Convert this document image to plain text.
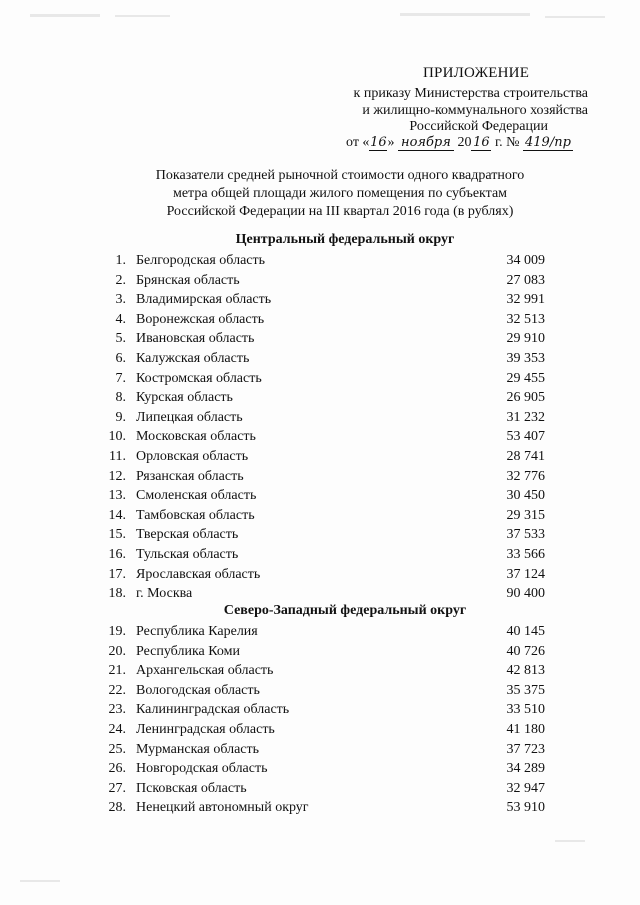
ПРИЛОЖЕНИЕ
к приказу Министерства строительства
и жилищно-коммунального хозяйства
Российской Федерации
от «16» ноября 20 16 г. № 419/пр
Показатели средней рыночной стоимости одного квадратного
метра общей площади жилого помещения по субъектам
Российской Федерации на III квартал 2016 года (в рублях)
Центральный федеральный округ
1. Белгородская область	34 009
2. Брянская область	27 083
3. Владимирская область	32 991
4. Воронежская область	32 513
5. Ивановская область	29 910
6. Калужская область	39 353
7. Костромская область	29 455
8. Курская область	26 905
9. Липецкая область	31 232
10. Московская область	53 407
11. Орловская область	28 741
12. Рязанская область	32 776
13. Смоленская область	30 450
14. Тамбовская область	29 315
15. Тверская область	37 533
16. Тульская область	33 566
17. Ярославская область	37 124
18. г. Москва	90 400
Северо-Западный федеральный округ
19. Республика Карелия	40 145
20. Республика Коми	40 726
21. Архангельская область	42 813
22. Вологодская область	35 375
23. Калининградская область	33 510
24. Ленинградская область	41 180
25. Мурманская область	37 723
26. Новгородская область	34 289
27. Псковская область	32 947
28. Ненецкий автономный округ	53 910
